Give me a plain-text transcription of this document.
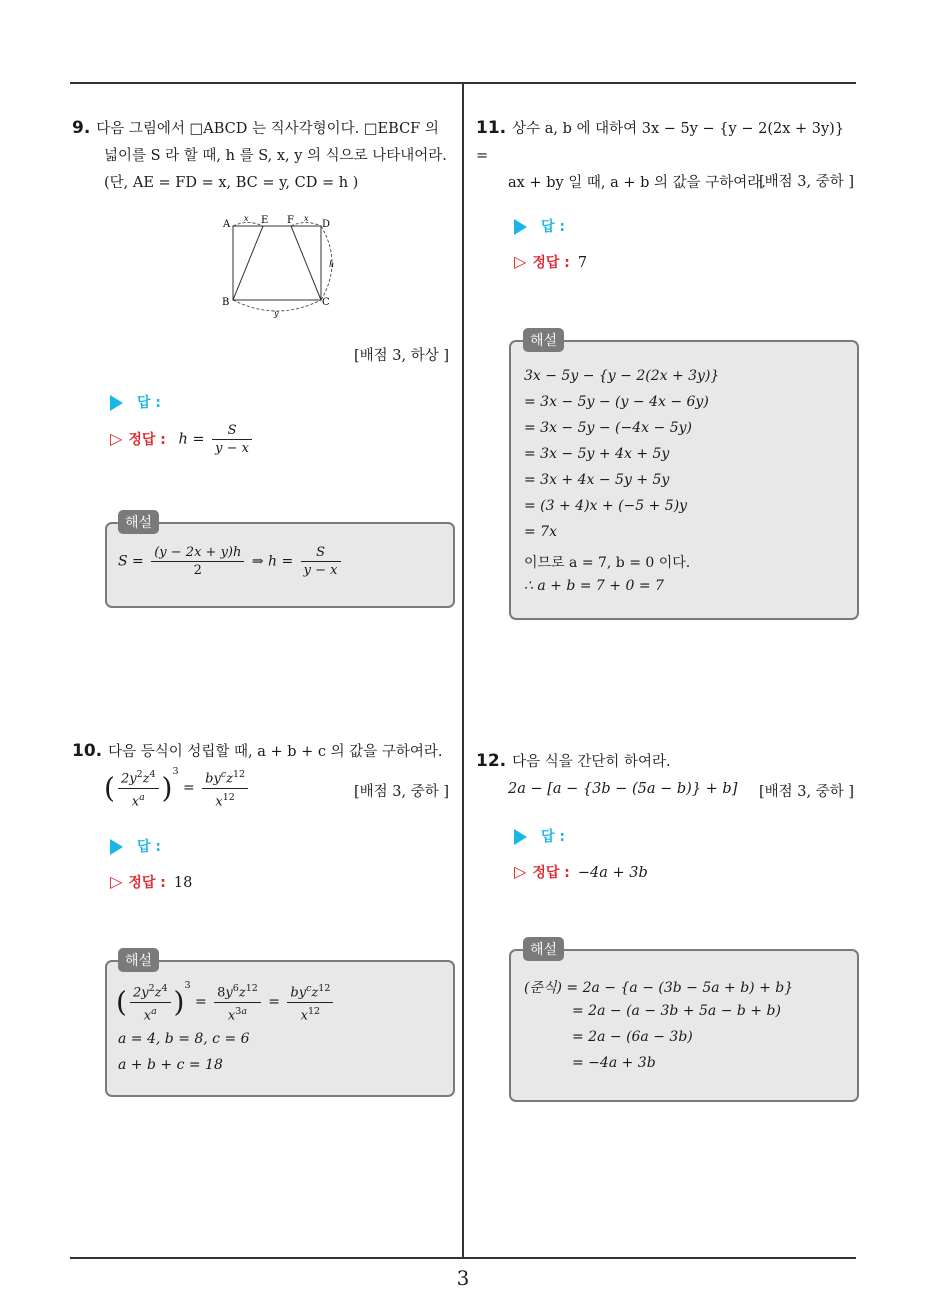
3
9. 다음 그림에서 □ABCD 는 직사각형이다. □EBCF 의
넓이를 S 라 할 때, h 를 S, x, y 의 식으로 나타내어라.
(단, AE = FD = x, BC = y, CD = h )
A	E F	D
B	C
x	x
h
y
[배점 3, 하상 ]
답 :
▷ 정답 : $h = \frac{S}{y - x}$
해설
$S = \frac{(y - 2x + y)h}{2}$ ⇒ $h = \frac{S}{y - x}$
10. 다음 등식이 성립할 때, a + b + c 의 값을 구하여라.
( $\frac{2y^2z^4}{x^a} )^3 = \frac{by^cz^{12}}{x^{12}}$	[배점 3, 중하 ]
답 :
▷ 정답 : 18
해설
( $\frac{2y^2z^4}{x^a} )^3 = \frac{8y^6z^{12}}{x^{3a}} = \frac{by^cz^{12}}{x^{12}}$
a = 4, b = 8, c = 6
a + b + c = 18
11. 상수 a, b 에 대하여 3x − 5y − {y − 2(2x + 3y)} =
ax + by 일 때, a + b 의 값을 구하여라.
[배점 3, 중하 ]
답 :
▷ 정답 : 7
해설
3x − 5y − {y − 2(2x + 3y)}
= 3x − 5y − (y − 4x − 6y)
= 3x − 5y − (−4x − 5y)
= 3x − 5y + 4x + 5y
= 3x + 4x − 5y + 5y
= (3 + 4)x + (−5 + 5)y
= 7x
이므로 a = 7, b = 0 이다.
∴ a + b = 7 + 0 = 7
12. 다음 식을 간단히 하여라.
2a − [a − {3b − (5a − b)} + b] [배점 3, 중하 ]
답 :
▷ 정답 : −4a + 3b
해설
(준식) = 2a − {a − (3b − 5a + b) + b}
= 2a − (a − 3b + 5a − b + b)
= 2a − (6a − 3b)
= −4a + 3b
